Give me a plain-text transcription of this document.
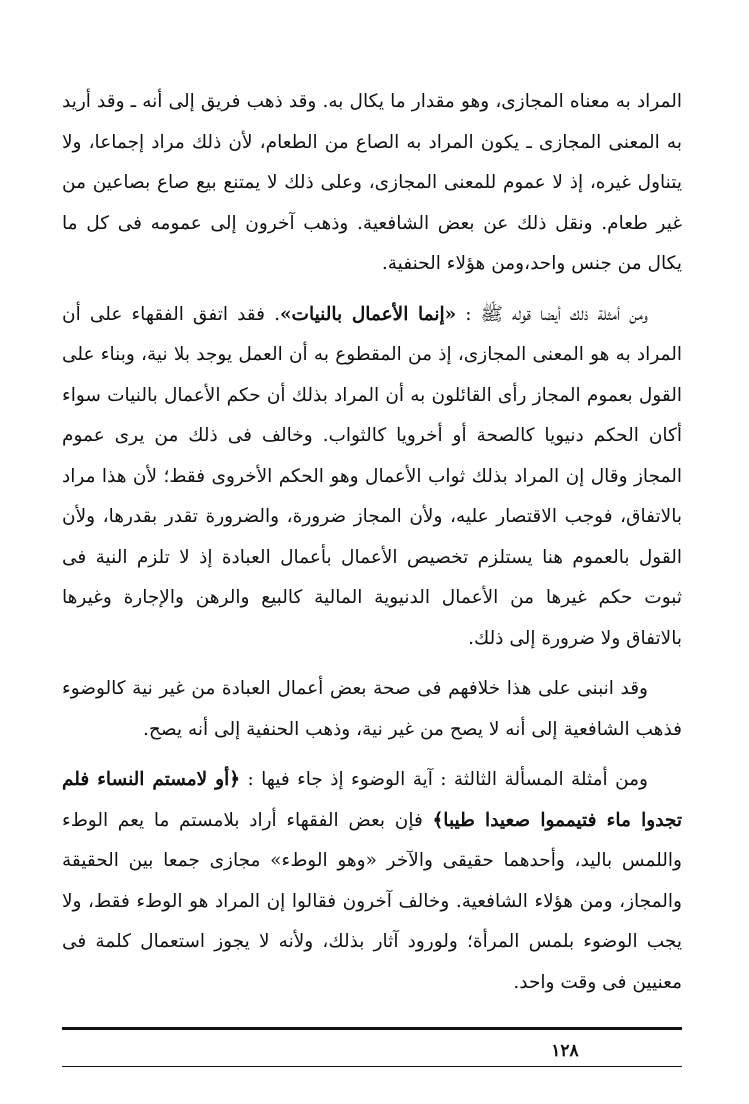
المراد به معناه المجازى، وهو مقدار ما يكال به. وقد ذهب فريق إلى أنه ـ وقد أريد به المعنى المجازى ـ يكون المراد به الصاع من الطعام، لأن ذلك مراد إجماعا، ولا يتناول غيره، إذ لا عموم للمعنى المجازى، وعلى ذلك لا يمتنع بيع صاع بصاعين من غير طعام. ونقل ذلك عن بعض الشافعية. وذهب آخرون إلى عمومه فى كل ما يكال من جنس واحد،ومن هؤلاء الحنفية.

ومن أمثلة ذلك أيضا قوله ﷺ : «إنما الأعمال بالنيات». فقد اتفق الفقهاء على أن المراد به هو المعنى المجازى، إذ من المقطوع به أن العمل يوجد بلا نية، وبناء على القول بعموم المجاز رأى القائلون به أن المراد بذلك أن حكم الأعمال بالنيات سواء أكان الحكم دنيويا كالصحة أو أخرويا كالثواب. وخالف فى ذلك من يرى عموم المجاز وقال إن المراد بذلك ثواب الأعمال وهو الحكم الأخروى فقط؛ لأن هذا مراد بالاتفاق، فوجب الاقتصار عليه، ولأن المجاز ضرورة، والضرورة تقدر بقدرها، ولأن القول بالعموم هنا يستلزم تخصيص الأعمال بأعمال العبادة إذ لا تلزم النية فى ثبوت حكم غيرها من الأعمال الدنيوية المالية كالبيع والرهن والإجارة وغيرها بالاتفاق ولا ضرورة إلى ذلك.

وقد انبنى على هذا خلافهم فى صحة بعض أعمال العبادة من غير نية كالوضوء فذهب الشافعية إلى أنه لا يصح من غير نية، وذهب الحنفية إلى أنه يصح.

ومن أمثلة المسألة الثالثة : آية الوضوء إذ جاء فيها : ﴿أو لامستم النساء فلم تجدوا ماء فتيمموا صعيدا طيبا﴾ فإن بعض الفقهاء أراد بلامستم ما يعم الوطء واللمس باليد، وأحدهما حقيقى والآخر «وهو الوطء» مجازى جمعا بين الحقيقة والمجاز، ومن هؤلاء الشافعية. وخالف آخرون فقالوا إن المراد هو الوطء فقط، ولا يجب الوضوء بلمس المرأة؛ ولورود آثار بذلك، ولأنه لا يجوز استعمال كلمة فى معنيين فى وقت واحد.

١٢٨
